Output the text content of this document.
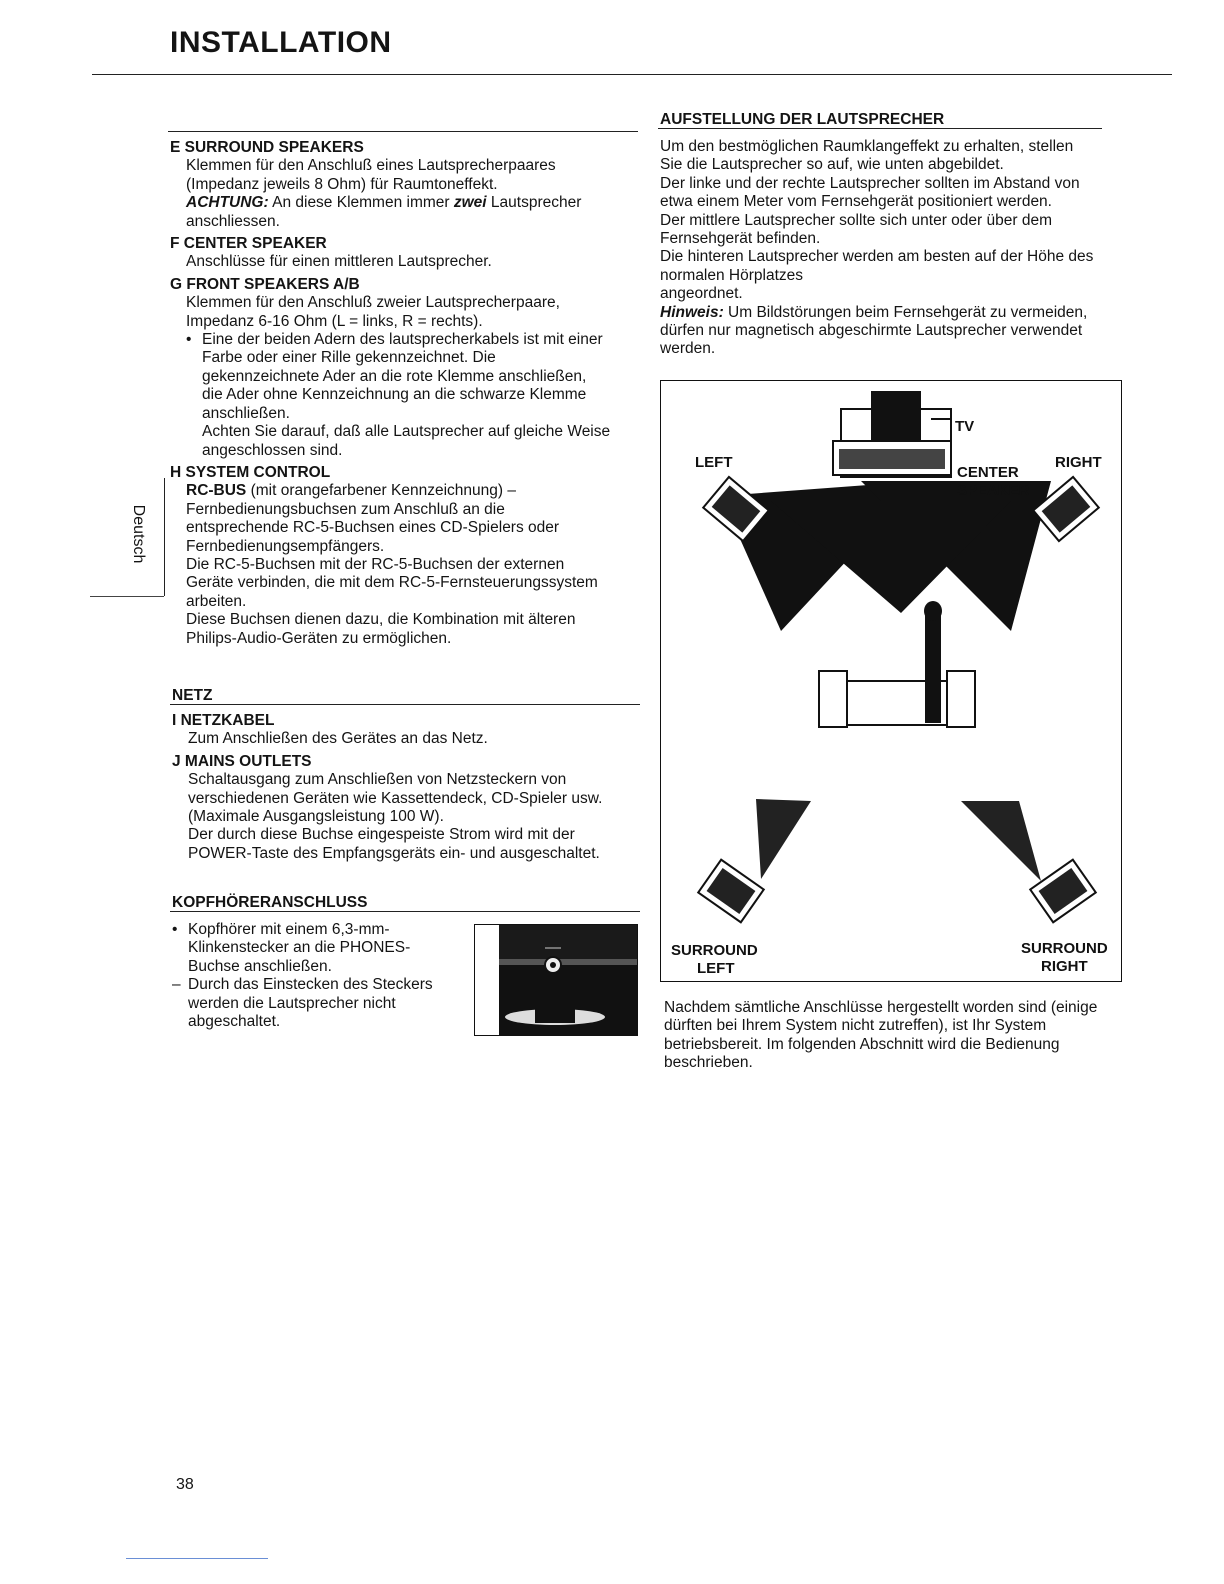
INSTALLATION
Deutsch
E SURROUND SPEAKERS
Klemmen für den Anschluß eines Lautsprecherpaares
(Impedanz jeweils 8 Ohm) für Raumtoneffekt.
ACHTUNG: An diese Klemmen immer zwei Lautsprecher
anschliessen.
F CENTER SPEAKER
Anschlüsse für einen mittleren Lautsprecher.
G FRONT SPEAKERS A/B
Klemmen für den Anschluß zweier Lautsprecherpaare,
Impedanz 6-16 Ohm (L = links, R = rechts).
• Eine der beiden Adern des lautsprecherkabels ist mit einer
Farbe oder einer Rille gekennzeichnet. Die
gekennzeichnete Ader an die rote Klemme anschließen,
die Ader ohne Kennzeichnung an die schwarze Klemme
anschließen.
Achten Sie darauf, daß alle Lautsprecher auf gleiche Weise
angeschlossen sind.
H SYSTEM CONTROL
RC-BUS (mit orangefarbener Kennzeichnung) –
Fernbedienungsbuchsen zum Anschluß an die
entsprechende RC-5-Buchsen eines CD-Spielers oder
Fernbedienungsempfängers.
Die RC-5-Buchsen mit der RC-5-Buchsen der externen
Geräte verbinden, die mit dem RC-5-Fernsteuerungssystem
arbeiten.
Diese Buchsen dienen dazu, die Kombination mit älteren
Philips-Audio-Geräten zu ermöglichen.
NETZ
I NETZKABEL
Zum Anschließen des Gerätes an das Netz.
J MAINS OUTLETS
Schaltausgang zum Anschließen von Netzsteckern von
verschiedenen Geräten wie Kassettendeck, CD-Spieler usw.
(Maximale Ausgangsleistung 100 W).
Der durch diese Buchse eingespeiste Strom wird mit der
POWER-Taste des Empfangsgeräts ein- und ausgeschaltet.
KOPFHÖRERANSCHLUSS
• Kopfhörer mit einem 6,3-mm-
Klinkenstecker an die PHONES-
Buchse anschließen.
– Durch das Einstecken des Steckers
werden die Lautsprecher nicht
abgeschaltet.
AUFSTELLUNG DER LAUTSPRECHER
Um den bestmöglichen Raumklangeffekt zu erhalten, stellen
Sie die Lautsprecher so auf, wie unten abgebildet.
Der linke und der rechte Lautsprecher sollten im Abstand von
etwa einem Meter vom Fernsehgerät positioniert werden.
Der mittlere Lautsprecher sollte sich unter oder über dem
Fernsehgerät befinden.
Die hinteren Lautsprecher werden am besten auf der Höhe des
normalen Hörplatzes
angeordnet.
Hinweis: Um Bildstörungen beim Fernsehgerät zu vermeiden,
dürfen nur magnetisch abgeschirmte Lautsprecher verwendet
werden.
TV
LEFT	RIGHT
CENTER
SPEAKER
SURROUND
LEFT
SURROUND
RIGHT
Nachdem sämtliche Anschlüsse hergestellt worden sind (einige
dürften bei Ihrem System nicht zutreffen), ist Ihr System
betriebsbereit. Im folgenden Abschnitt wird die Bedienung
beschrieben.
38
